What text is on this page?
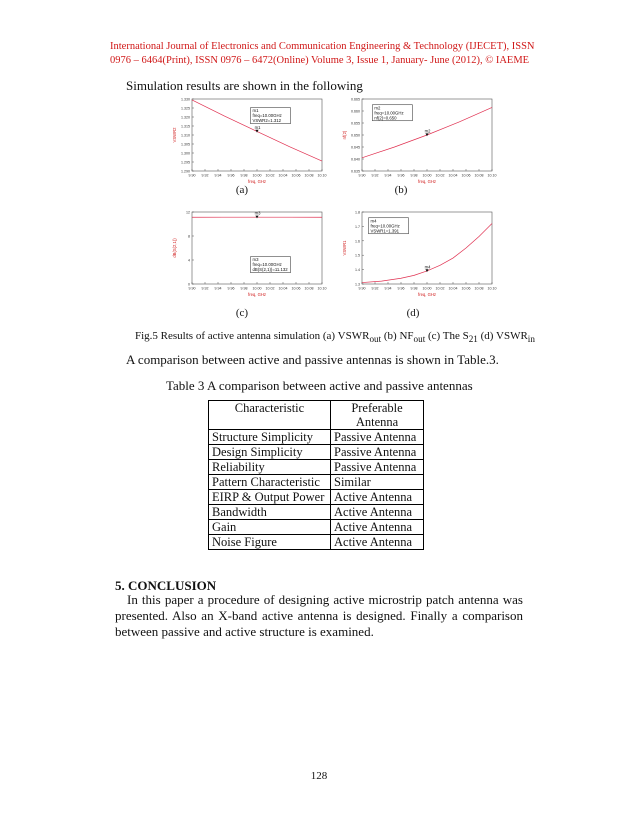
International Journal of Electronics and Communication Engineering & Technology (IJECET), ISSN
0976 – 6464(Print), ISSN 0976 – 6472(Online) Volume 3, Issue 1, January- June (2012), © IAEME
Simulation results are shown in the following
1.290
1.295
1.300
1.305
1.310
1.315
1.320
1.325
1.330
9.90 9.92 9.94 9.96 9.98 10.00 10.02 10.04 10.06 10.08 10.10
freq, GHz
VSWR2
m1
m1
freq=10.00GHz
VSWR2=1.312
0.635
0.640
0.645
0.650
0.655
0.660
0.665
9.90 9.92 9.94 9.96 9.98 10.00 10.02 10.04 10.06 10.08 10.10
freq, GHz
nf(2)	m2
m2
freq=10.00GHz
nf(2)=0.650
0
4
8
12
9.90 9.92 9.94 9.96 9.98 10.00 10.02 10.04 10.06 10.08 10.10
freq, GHz
dB(S(2,1))
m3
m3
freq=10.00GHz
dB(S(2,1))=11.132
1.3
1.4
1.5
1.6
1.7
1.8
9.90 9.92 9.94 9.96 9.98 10.00 10.02 10.04 10.06 10.08 10.10
freq, GHz
VSWR1
m4
m4
freq=10.00GHz
VSWR1=1.391
(a)	(b)
(c)	(d)
Fig.5 Results of active antenna simulation (a) $VSWR_{out}$ (b) $NF_{out}$ (c) The $S_{21}$ (d) $VSWR_{in}$
A comparison between active and passive antennas is shown in Table.3.
Table 3 A comparison between active and passive antennas
Characteristic	Preferable Antenna
Structure Simplicity	Passive Antenna
Design Simplicity	Passive Antenna
Reliability	Passive Antenna
Pattern Characteristic	Similar
EIRP & Output Power	Active Antenna
Bandwidth	Active Antenna
Gain	Active Antenna
Noise Figure	Active Antenna
5. CONCLUSION
In this paper a procedure of designing active microstrip patch antenna was presented. Also an X-band active antenna is designed. Finally a comparison between passive and active structure is examined.
128
